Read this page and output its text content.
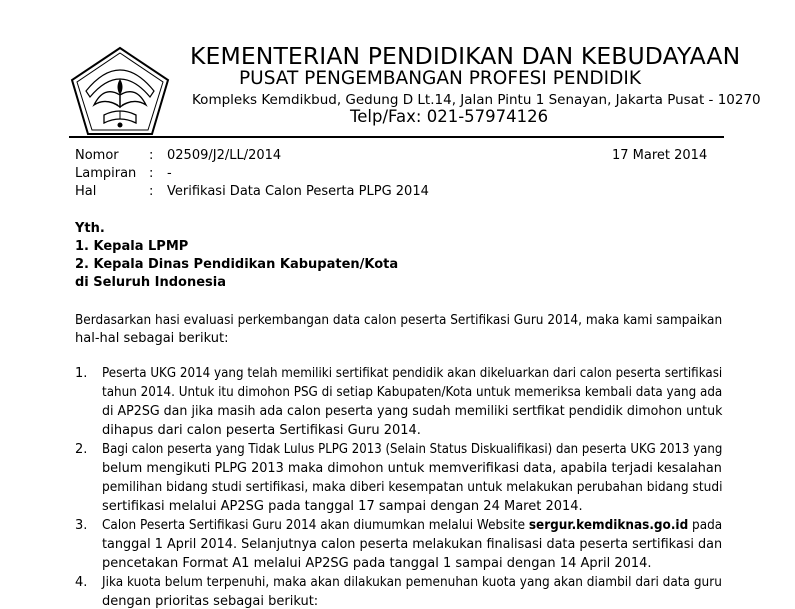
KEMENTERIAN PENDIDIKAN DAN KEBUDAYAAN
PUSAT PENGEMBANGAN PROFESI PENDIDIK
Kompleks Kemdikbud, Gedung D Lt.14, Jalan Pintu 1 Senayan, Jakarta Pusat - 10270
Telp/Fax: 021-57974126
Nomor : 02509/J2/LL/2014
Lampiran : -
Hal	: Verifikasi Data Calon Peserta PLPG 2014
17 Maret 2014
Yth.
1. Kepala LPMP
2. Kepala Dinas Pendidikan Kabupaten/Kota
di Seluruh Indonesia
Berdasarkan hasi evaluasi perkembangan data calon peserta Sertifikasi Guru 2014, maka kami sampaikan
hal-hal sebagai berikut:
1. Peserta UKG 2014 yang telah memiliki sertifikat pendidik akan dikeluarkan dari calon peserta sertifikasi
tahun 2014. Untuk itu dimohon PSG di setiap Kabupaten/Kota untuk memeriksa kembali data yang ada
di AP2SG dan jika masih ada calon peserta yang sudah memiliki sertfikat pendidik dimohon untuk
dihapus dari calon peserta Sertifikasi Guru 2014.
2. Bagi calon peserta yang Tidak Lulus PLPG 2013 (Selain Status Diskualifikasi) dan peserta UKG 2013 yang
belum mengikuti PLPG 2013 maka dimohon untuk memverifikasi data, apabila terjadi kesalahan
pemilihan bidang studi sertifikasi, maka diberi kesempatan untuk melakukan perubahan bidang studi
sertifikasi melalui AP2SG pada tanggal 17 sampai dengan 24 Maret 2014.
3. Calon Peserta Sertifikasi Guru 2014 akan diumumkan melalui Website sergur.kemdiknas.go.id pada
tanggal 1 April 2014. Selanjutnya calon peserta melakukan finalisasi data peserta sertifikasi dan
pencetakan Format A1 melalui AP2SG pada tanggal 1 sampai dengan 14 April 2014.
4. Jika kuota belum terpenuhi, maka akan dilakukan pemenuhan kuota yang akan diambil dari data guru
dengan prioritas sebagai berikut:
